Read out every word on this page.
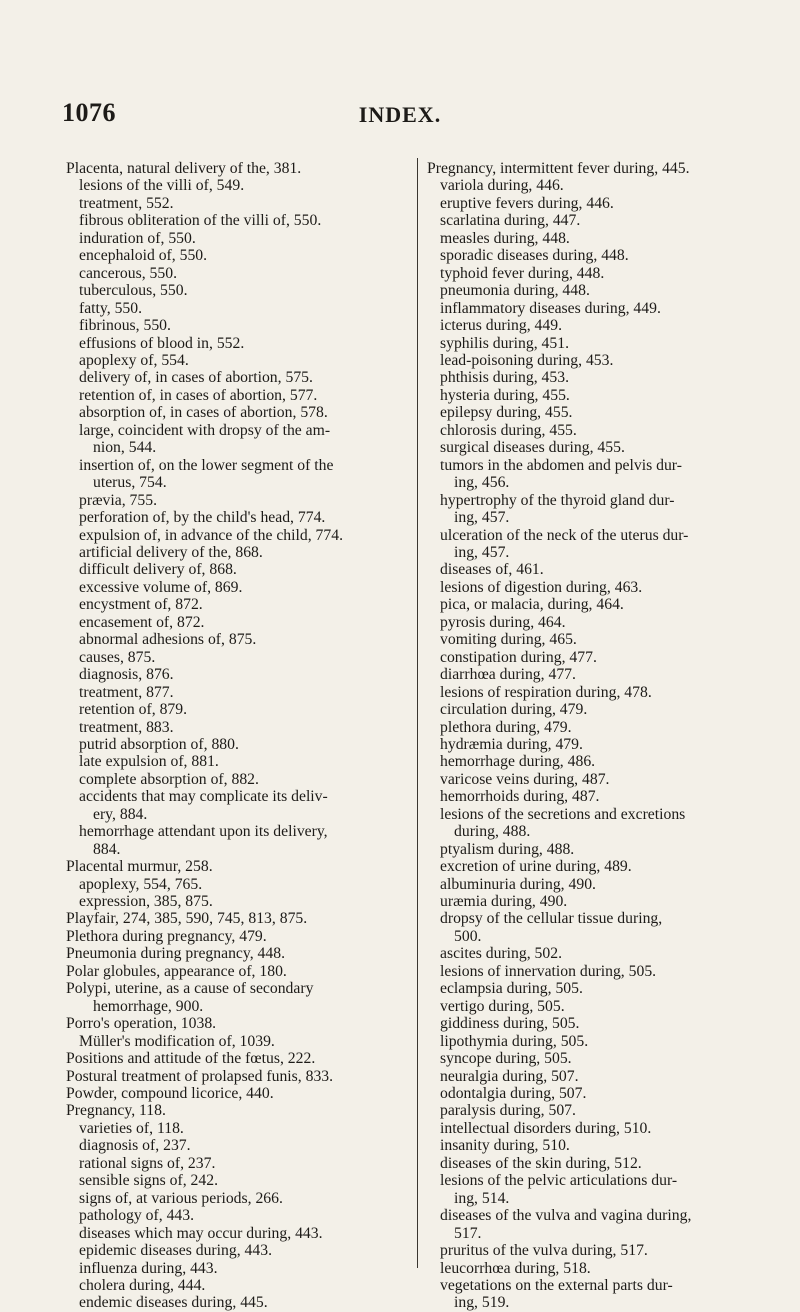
1076	INDEX.
Placenta, natural delivery of the, 381.
lesions of the villi of, 549.
treatment, 552.
fibrous obliteration of the villi of, 550.
induration of, 550.
encephaloid of, 550.
cancerous, 550.
tuberculous, 550.
fatty, 550.
fibrinous, 550.
effusions of blood in, 552.
apoplexy of, 554.
delivery of, in cases of abortion, 575.
retention of, in cases of abortion, 577.
absorption of, in cases of abortion, 578.
large, coincident with dropsy of the am-
nion, 544.
insertion of, on the lower segment of the
uterus, 754.
prævia, 755.
perforation of, by the child's head, 774.
expulsion of, in advance of the child, 774.
artificial delivery of the, 868.
difficult delivery of, 868.
excessive volume of, 869.
encystment of, 872.
encasement of, 872.
abnormal adhesions of, 875.
causes, 875.
diagnosis, 876.
treatment, 877.
retention of, 879.
treatment, 883.
putrid absorption of, 880.
late expulsion of, 881.
complete absorption of, 882.
accidents that may complicate its deliv-
ery, 884.
hemorrhage attendant upon its delivery,
884.
Placental murmur, 258.
apoplexy, 554, 765.
expression, 385, 875.
Playfair, 274, 385, 590, 745, 813, 875.
Plethora during pregnancy, 479.
Pneumonia during pregnancy, 448.
Polar globules, appearance of, 180.
Polypi, uterine, as a cause of secondary
hemorrhage, 900.
Porro's operation, 1038.
Müller's modification of, 1039.
Positions and attitude of the fœtus, 222.
Postural treatment of prolapsed funis, 833.
Powder, compound licorice, 440.
Pregnancy, 118.
varieties of, 118.
diagnosis of, 237.
rational signs of, 237.
sensible signs of, 242.
signs of, at various periods, 266.
pathology of, 443.
diseases which may occur during, 443.
epidemic diseases during, 443.
influenza during, 443.
cholera during, 444.
endemic diseases during, 445.
Pregnancy, intermittent fever during, 445.
variola during, 446.
eruptive fevers during, 446.
scarlatina during, 447.
measles during, 448.
sporadic diseases during, 448.
typhoid fever during, 448.
pneumonia during, 448.
inflammatory diseases during, 449.
icterus during, 449.
syphilis during, 451.
lead-poisoning during, 453.
phthisis during, 453.
hysteria during, 455.
epilepsy during, 455.
chlorosis during, 455.
surgical diseases during, 455.
tumors in the abdomen and pelvis dur-
ing, 456.
hypertrophy of the thyroid gland dur-
ing, 457.
ulceration of the neck of the uterus dur-
ing, 457.
diseases of, 461.
lesions of digestion during, 463.
pica, or malacia, during, 464.
pyrosis during, 464.
vomiting during, 465.
constipation during, 477.
diarrhœa during, 477.
lesions of respiration during, 478.
circulation during, 479.
plethora during, 479.
hydræmia during, 479.
hemorrhage during, 486.
varicose veins during, 487.
hemorrhoids during, 487.
lesions of the secretions and excretions
during, 488.
ptyalism during, 488.
excretion of urine during, 489.
albuminuria during, 490.
uræmia during, 490.
dropsy of the cellular tissue during,
500.
ascites during, 502.
lesions of innervation during, 505.
eclampsia during, 505.
vertigo during, 505.
giddiness during, 505.
lipothymia during, 505.
syncope during, 505.
neuralgia during, 507.
odontalgia during, 507.
paralysis during, 507.
intellectual disorders during, 510.
insanity during, 510.
diseases of the skin during, 512.
lesions of the pelvic articulations dur-
ing, 514.
diseases of the vulva and vagina during,
517.
pruritus of the vulva during, 517.
leucorrhœa during, 518.
vegetations on the external parts dur-
ing, 519.
